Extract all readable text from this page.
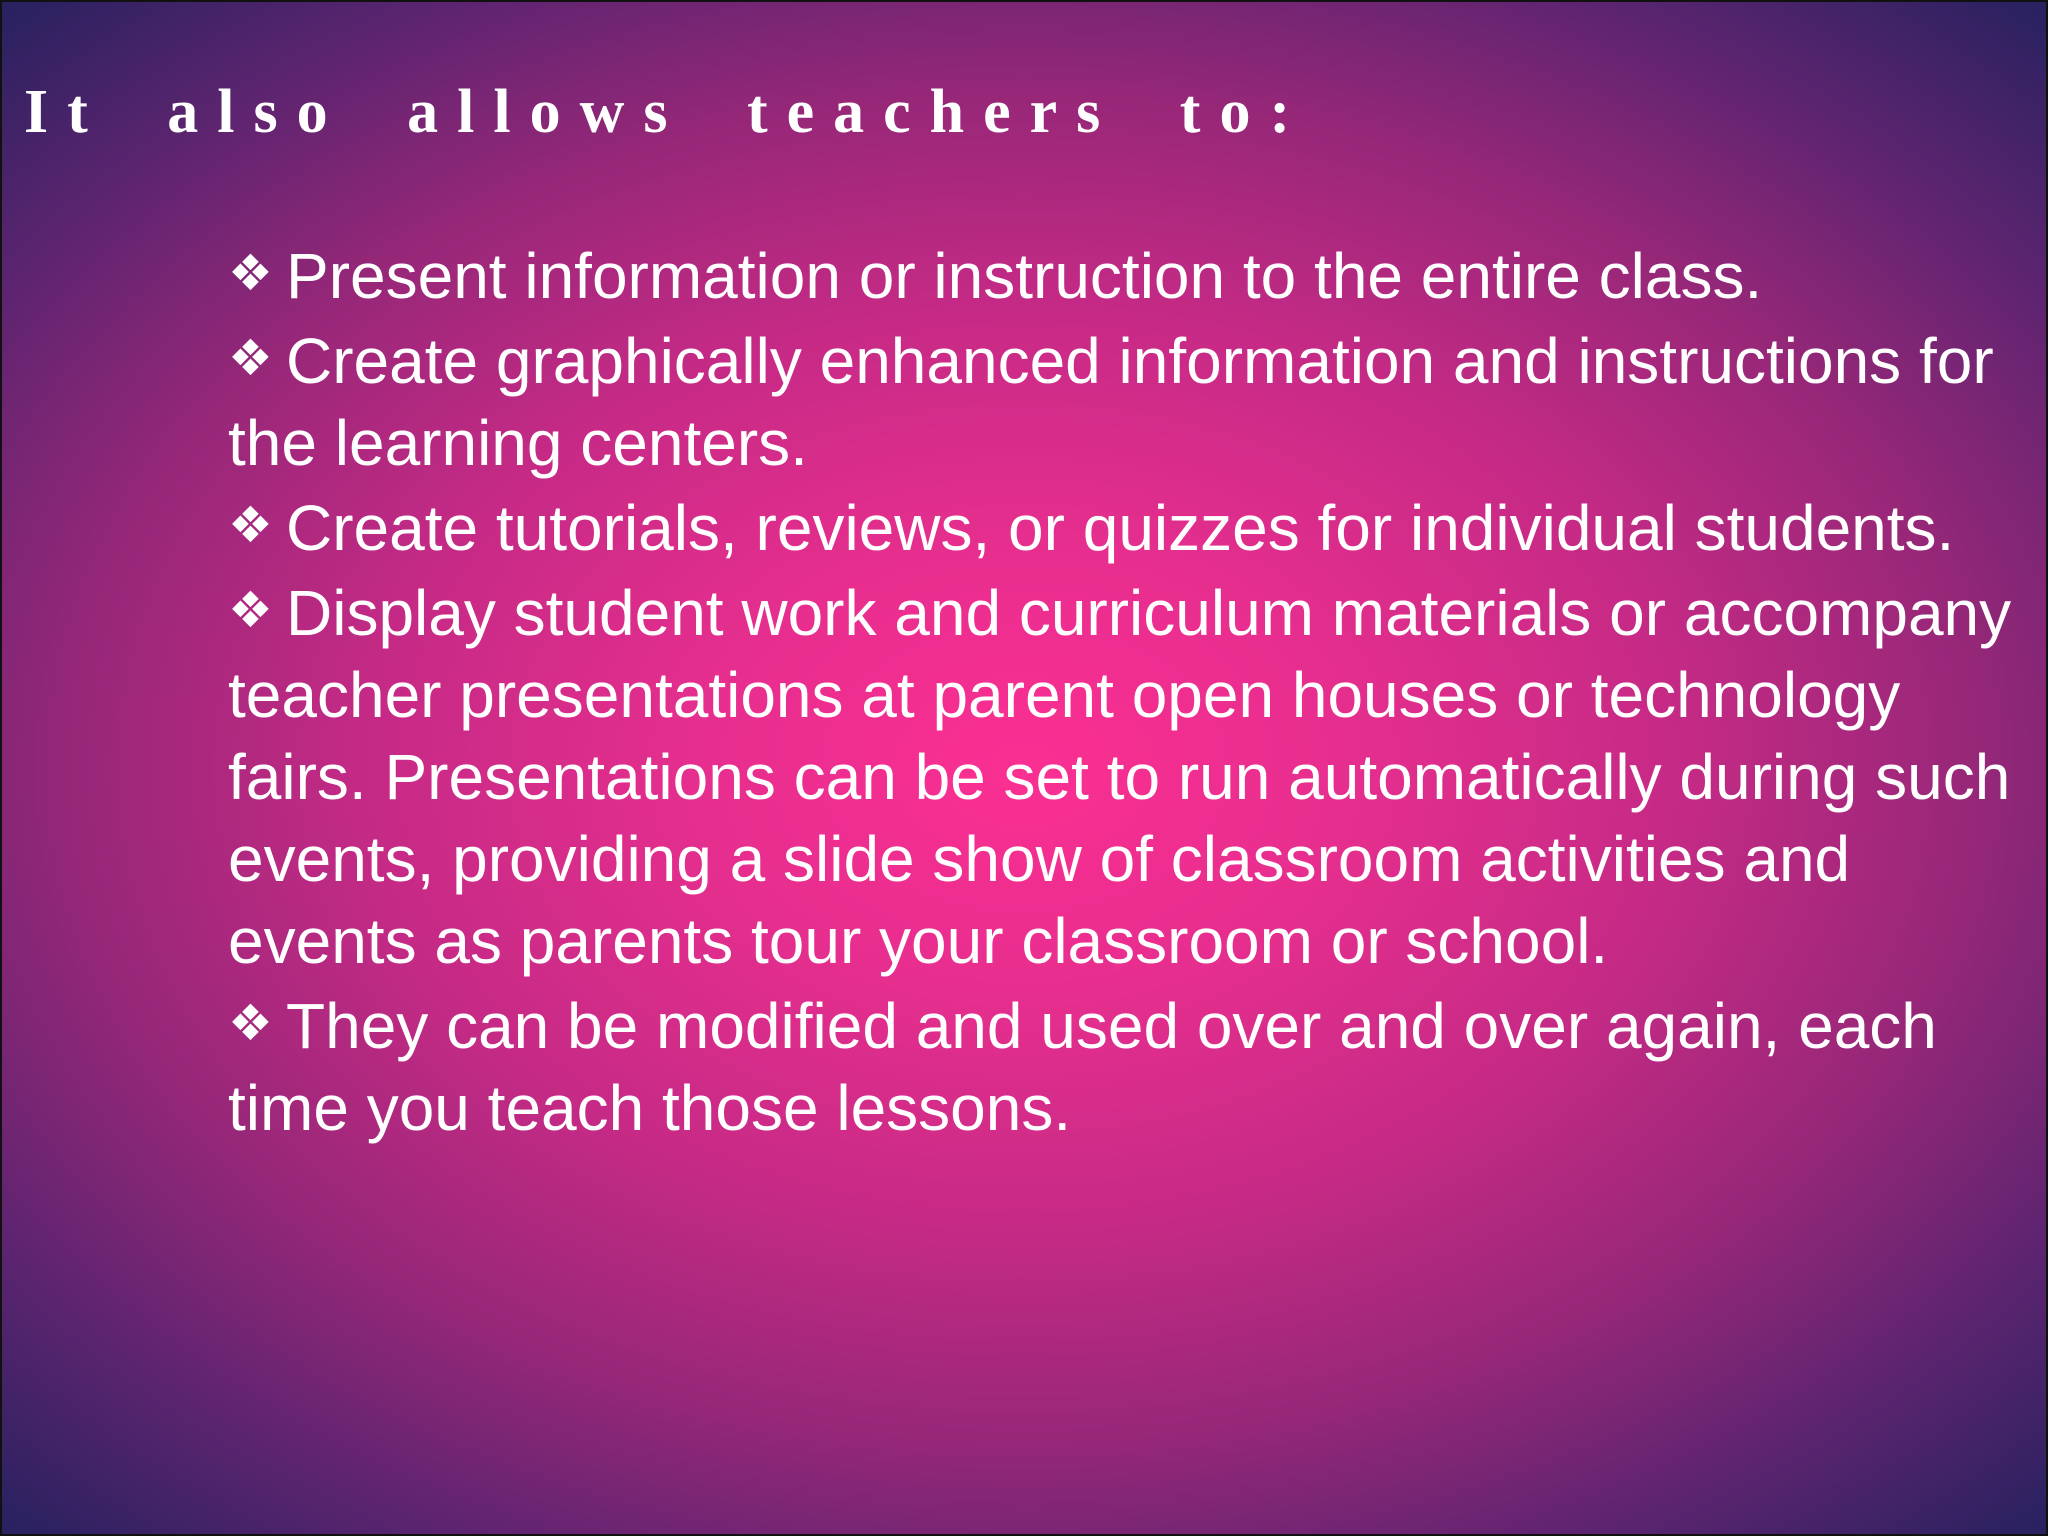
It also allows teachers to:
❖ Present information or instruction to the entire class.
❖ Create graphically enhanced information and instructions for the learning centers.
❖ Create tutorials, reviews, or quizzes for individual students.
❖ Display student work and curriculum materials or accompany teacher presentations at parent open houses or technology fairs. Presentations can be set to run automatically during such events, providing a slide show of classroom activities and events as parents tour your classroom or school.
❖ They can be modified and used over and over again, each time you teach those lessons.
